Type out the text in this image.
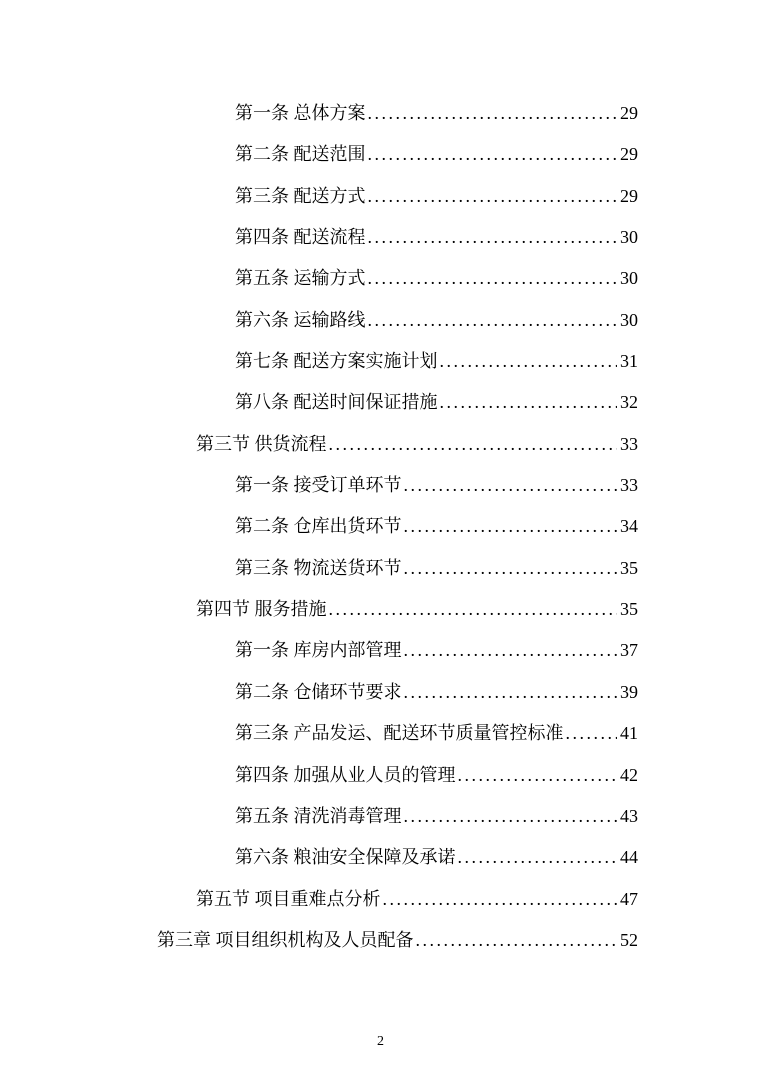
第一条 总体方案 .....	29
第二条 配送范围 .....	29
第三条 配送方式 .....	29
第四条 配送流程 .....	30
第五条 运输方式 .....	30
第六条 运输路线 .....	30
第七条 配送方案实施计划 .....	31
第八条 配送时间保证措施 .....	32
第三节 供货流程 .....	33
第一条 接受订单环节 .....	33
第二条 仓库出货环节 .....	34
第三条 物流送货环节 .....	35
第四节 服务措施 .....	35
第一条 库房内部管理 .....	37
第二条 仓储环节要求 .....	39
第三条 产品发运、配送环节质量管控标准 .....	41
第四条 加强从业人员的管理 .....	42
第五条 清洗消毒管理 .....	43
第六条 粮油安全保障及承诺 .....	44
第五节 项目重难点分析 .....	47
第三章 项目组织机构及人员配备 .....	52
2
